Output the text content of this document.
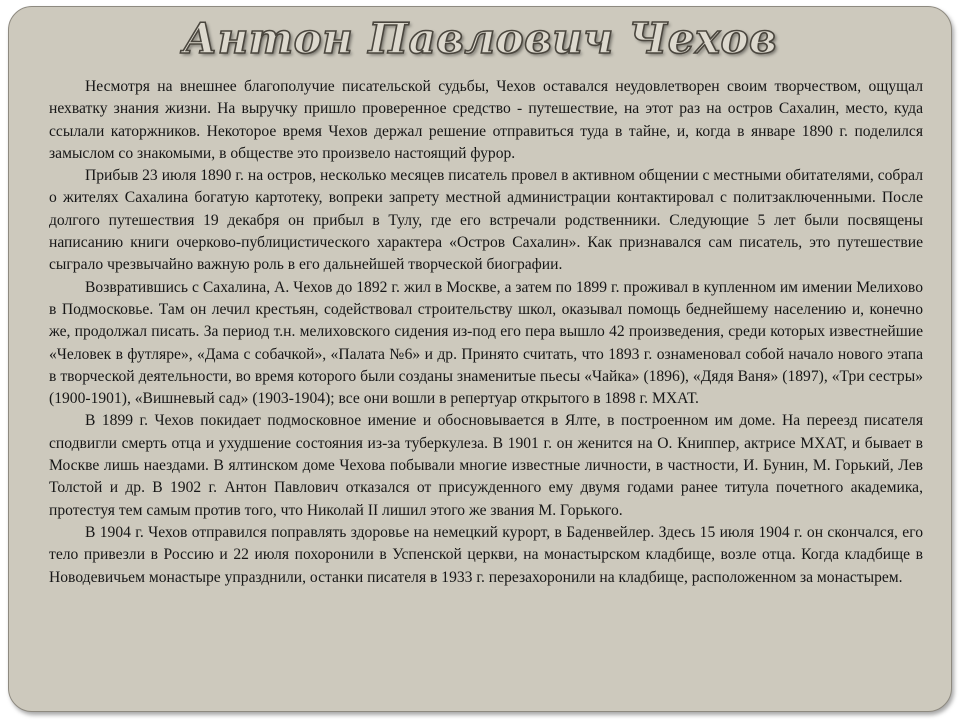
Антон Павлович Чехов

Несмотря на внешнее благополучие писательской судьбы, Чехов оставался неудовлетворен своим творчеством, ощущал нехватку знания жизни. На выручку пришло проверенное средство - путешествие, на этот раз на остров Сахалин, место, куда ссылали каторжников. Некоторое время Чехов держал решение отправиться туда в тайне, и, когда в январе 1890 г. поделился замыслом со знакомыми, в обществе это произвело настоящий фурор.

Прибыв 23 июля 1890 г. на остров, несколько месяцев писатель провел в активном общении с местными обитателями, собрал о жителях Сахалина богатую картотеку, вопреки запрету местной администрации контактировал с политзаключенными. После долгого путешествия 19 декабря он прибыл в Тулу, где его встречали родственники. Следующие 5 лет были посвящены написанию книги очерково-публицистического характера «Остров Сахалин». Как признавался сам писатель, это путешествие сыграло чрезвычайно важную роль в его дальнейшей творческой биографии.

Возвратившись с Сахалина, А. Чехов до 1892 г. жил в Москве, а затем по 1899 г. проживал в купленном им имении Мелихово в Подмосковье. Там он лечил крестьян, содействовал строительству школ, оказывал помощь беднейшему населению и, конечно же, продолжал писать. За период т.н. мелиховского сидения из-под его пера вышло 42 произведения, среди которых известнейшие «Человек в футляре», «Дама с собачкой», «Палата №6» и др. Принято считать, что 1893 г. ознаменовал собой начало нового этапа в творческой деятельности, во время которого были созданы знаменитые пьесы «Чайка» (1896), «Дядя Ваня» (1897), «Три сестры» (1900-1901), «Вишневый сад» (1903-1904); все они вошли в репертуар открытого в 1898 г. МХАТ.

В 1899 г. Чехов покидает подмосковное имение и обосновывается в Ялте, в построенном им доме. На переезд писателя сподвигли смерть отца и ухудшение состояния из-за туберкулеза. В 1901 г. он женится на О. Книппер, актрисе МХАТ, и бывает в Москве лишь наездами. В ялтинском доме Чехова побывали многие известные личности, в частности, И. Бунин, М. Горький, Лев Толстой и др. В 1902 г. Антон Павлович отказался от присужденного ему двумя годами ранее титула почетного академика, протестуя тем самым против того, что Николай II лишил этого же звания М. Горького.

В 1904 г. Чехов отправился поправлять здоровье на немецкий курорт, в Баденвейлер. Здесь 15 июля 1904 г. он скончался, его тело привезли в Россию и 22 июля похоронили в Успенской церкви, на монастырском кладбище, возле отца. Когда кладбище в Новодевичьем монастыре упразднили, останки писателя в 1933 г. перезахоронили на кладбище, расположенном за монастырем.
